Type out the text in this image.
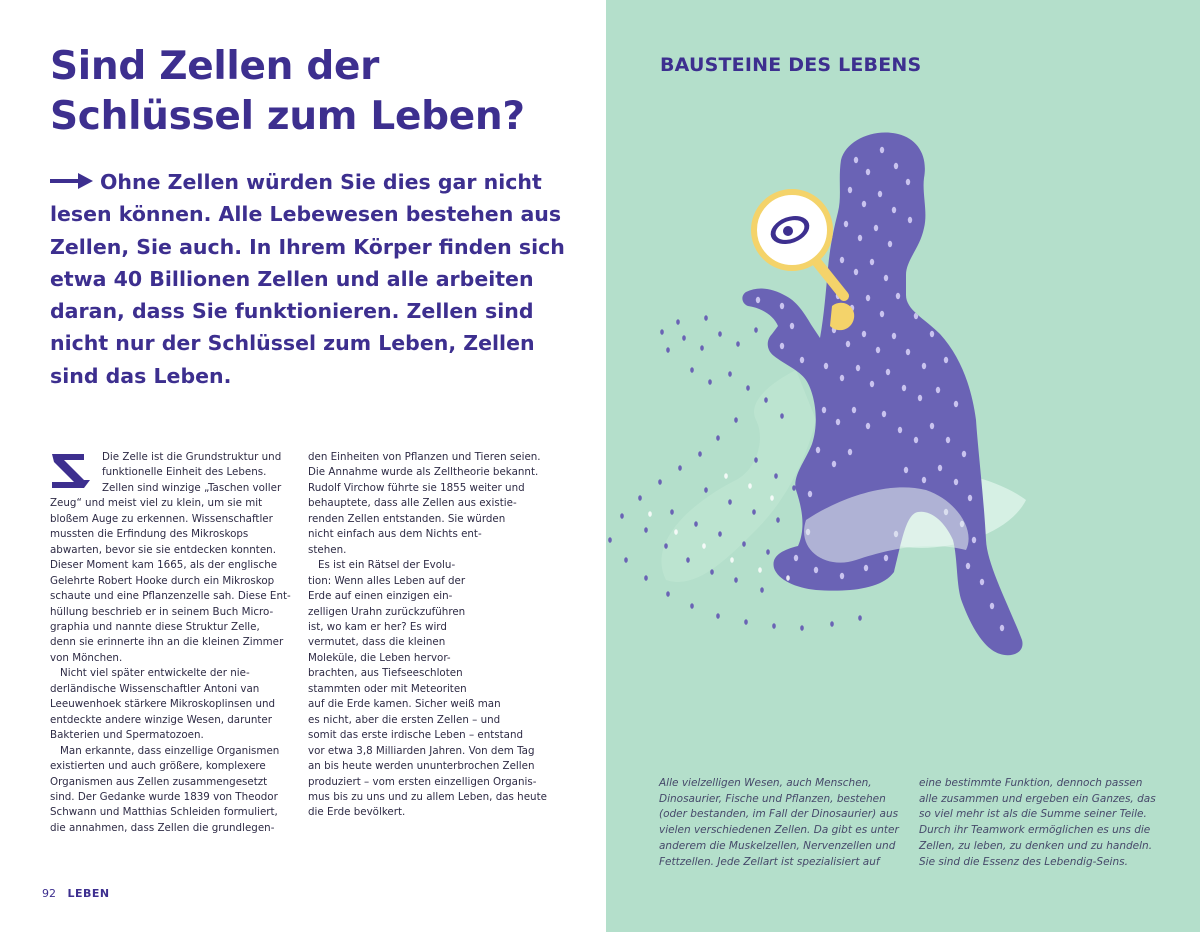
Sind Zellen der
Schlüssel zum Leben?
Ohne Zellen würden Sie dies gar nicht
lesen können. Alle Lebewesen bestehen aus
Zellen, Sie auch. In Ihrem Körper finden sich
etwa 40 Billionen Zellen und alle arbeiten
daran, dass Sie funktionieren. Zellen sind
nicht nur der Schlüssel zum Leben, Zellen
sind das Leben.
Die Zelle ist die Grundstruktur und
funktionelle Einheit des Lebens.
Zellen sind winzige „Taschen voller
Zeug“ und meist viel zu klein, um sie mit
bloßem Auge zu erkennen. Wissenschaftler
mussten die Erfindung des Mikroskops
abwarten, bevor sie sie entdecken konnten.
Dieser Moment kam 1665, als der englische
Gelehrte Robert Hooke durch ein Mikroskop
schaute und eine Pflanzenzelle sah. Diese Ent-
hüllung beschrieb er in seinem Buch Micro-
graphia und nannte diese Struktur Zelle,
denn sie erinnerte ihn an die kleinen Zimmer
von Mönchen.
Nicht viel später entwickelte der nie-
derländische Wissenschaftler Antoni van
Leeuwenhoek stärkere Mikroskoplinsen und
entdeckte andere winzige Wesen, darunter
Bakterien und Spermatozoen.
Man erkannte, dass einzellige Organismen
existierten und auch größere, komplexere
Organismen aus Zellen zusammengesetzt
sind. Der Gedanke wurde 1839 von Theodor
Schwann und Matthias Schleiden formuliert,
die annahmen, dass Zellen die grundlegen-
den Einheiten von Pflanzen und Tieren seien.
Die Annahme wurde als Zelltheorie bekannt.
Rudolf Virchow führte sie 1855 weiter und
behauptete, dass alle Zellen aus existie-
renden Zellen entstanden. Sie würden
nicht einfach aus dem Nichts ent-
stehen.
Es ist ein Rätsel der Evolu-
tion: Wenn alles Leben auf der
Erde auf einen einzigen ein-
zelligen Urahn zurückzuführen
ist, wo kam er her? Es wird
vermutet, dass die kleinen
Moleküle, die Leben hervor-
brachten, aus Tiefseeschloten
stammten oder mit Meteoriten
auf die Erde kamen. Sicher weiß man
es nicht, aber die ersten Zellen – und
somit das erste irdische Leben – entstand
vor etwa 3,8 Milliarden Jahren. Von dem Tag
an bis heute werden ununterbrochen Zellen
produziert – vom ersten einzelligen Organis-
mus bis zu uns und zu allem Leben, das heute
die Erde bevölkert.
92 LEBEN
BAUSTEINE DES LEBENS
Alle vielzelligen Wesen, auch Menschen,
Dinosaurier, Fische und Pflanzen, bestehen
(oder bestanden, im Fall der Dinosaurier) aus
vielen verschiedenen Zellen. Da gibt es unter
anderem die Muskelzellen, Nervenzellen und
Fettzellen. Jede Zellart ist spezialisiert auf
eine bestimmte Funktion, dennoch passen
alle zusammen und ergeben ein Ganzes, das
so viel mehr ist als die Summe seiner Teile.
Durch ihr Teamwork ermöglichen es uns die
Zellen, zu leben, zu denken und zu handeln.
Sie sind die Essenz des Lebendig-Seins.
